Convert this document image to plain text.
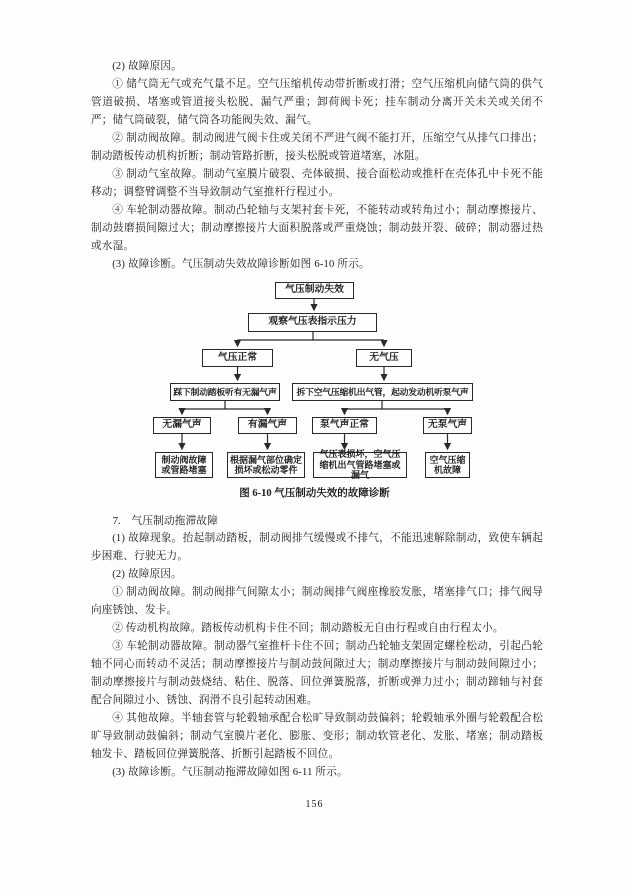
(2) 故障原因。

① 储气筒无气或充气量不足。空气压缩机传动带折断或打滑；空气压缩机向储气筒的供气管道破损、堵塞或管道接头松脱、漏气严重；卸荷阀卡死；挂车制动分离开关未关或关闭不严；储气筒破裂，储气筒各功能阀失效、漏气。

② 制动阀故障。制动阀进气阀卡住或关闭不严进气阀不能打开，压缩空气从排气口排出；制动踏板传动机构折断；制动管路折断，接头松脱或管道堵塞，冰阻。

③ 制动气室故障。制动气室膜片破裂、壳体破损、接合面松动或推杆在壳体孔中卡死不能移动；调整臂调整不当导致制动气室推杆行程过小。

④ 车轮制动器故障。制动凸轮轴与支架衬套卡死，不能转动或转角过小；制动摩擦接片、制动鼓磨损间隙过大；制动摩擦接片大面积脱落或严重烧蚀；制动鼓开裂、破碎；制动器过热或水湿。

(3) 故障诊断。气压制动失效故障诊断如图 6-10 所示。

气压制动失效
观察气压表指示压力
气压正常	无气压
踩下制动踏板听有无漏气声	拆下空气压缩机出气管，起动发动机听泵气声
无漏气声	有漏气声	泵气声正常	无泵气声
制动阀故障 或管路堵塞
根据漏气部位确定损坏或松动零件
气压表损坏，空气压缩机出气管路堵塞或漏气
空气压缩 机故障
图 6-10 气压制动失效的故障诊断

7.　气压制动拖滞故障

(1) 故障现象。抬起制动踏板，制动阀排气缓慢或不排气，不能迅速解除制动，致使车辆起步困难、行驶无力。

(2) 故障原因。

① 制动阀故障。制动阀排气间隙太小；制动阀排气阀座橡胶发胀，堵塞排气口；排气阀导向座锈蚀、发卡。

② 传动机构故障。踏板传动机构卡住不回；制动踏板无自由行程或自由行程太小。

③ 车轮制动器故障。制动器气室推杆卡住不回；制动凸轮轴支架固定螺栓松动，引起凸轮轴不同心而转动不灵活；制动摩擦接片与制动鼓间隙过大；制动摩擦接片与制动鼓间隙过小；制动摩擦接片与制动鼓烧结、粘住、脱落、回位弹簧脱落，折断或弹力过小；制动蹄轴与衬套配合间隙过小、锈蚀、润滑不良引起转动困难。

④ 其他故障。半轴套管与轮毂轴承配合松旷导致制动鼓偏斜；轮毂轴承外圈与轮毂配合松旷导致制动鼓偏斜；制动气室膜片老化、膨胀、变形；制动软管老化、发胀、堵塞；制动踏板轴发卡、踏板回位弹簧脱落、折断引起踏板不回位。

(3) 故障诊断。气压制动拖滞故障如图 6-11 所示。

156
